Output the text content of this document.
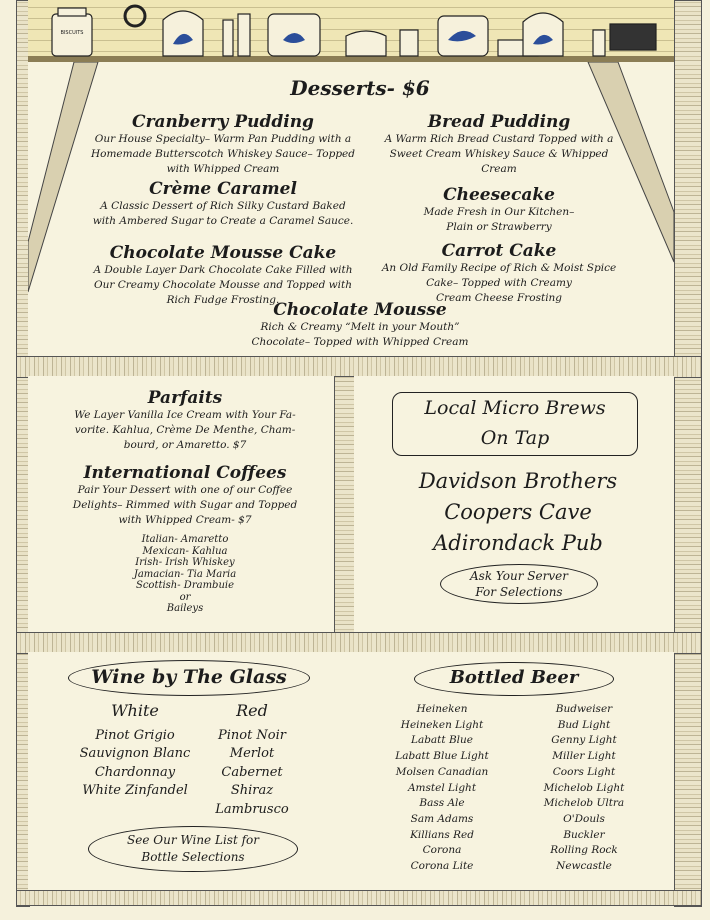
BISCUITS
Desserts- $6
Cranberry Pudding
Our House Specialty– Warm Pan Pudding with a
Homemade Butterscotch Whiskey Sauce– Topped
with Whipped Cream
Crème Caramel
A Classic Dessert of Rich Silky Custard Baked
with Ambered Sugar to Create a Caramel Sauce.
Chocolate Mousse Cake
A Double Layer Dark Chocolate Cake Filled with
Our Creamy Chocolate Mousse and Topped with
Rich Fudge Frosting.
Bread Pudding
A Warm Rich Bread Custard Topped with a
Sweet Cream Whiskey Sauce & Whipped Cream
Cheesecake
Made Fresh in Our Kitchen–
Plain or Strawberry
Carrot Cake
An Old Family Recipe of Rich & Moist Spice
Cake– Topped with Creamy
Cream Cheese Frosting
Chocolate Mousse
Rich & Creamy “Melt in your Mouth”
Chocolate– Topped with Whipped Cream
Parfaits
We Layer Vanilla Ice Cream with Your Fa-
vorite. Kahlua, Crème De Menthe, Cham-
bourd, or Amaretto. $7
International Coffees
Pair Your Dessert with one of our Coffee
Delights– Rimmed with Sugar and Topped
with Whipped Cream- $7
Italian- Amaretto
Mexican- Kahlua
Irish- Irish Whiskey
Jamacian- Tia Maria
Scottish- Drambuie
or
Baileys
Local Micro Brews
On Tap
Davidson Brothers
Coopers Cave
Adirondack Pub
Ask Your Server
For Selections
Wine by The Glass
White
Pinot Grigio
Sauvignon Blanc
Chardonnay
White Zinfandel
Red
Pinot Noir
Merlot
Cabernet
Shiraz
Lambrusco
See Our Wine List for
Bottle Selections
Bottled Beer
Heineken
Heineken Light
Labatt Blue
Labatt Blue Light
Molsen Canadian
Amstel Light
Bass Ale
Sam Adams
Killians Red
Corona
Corona Lite
Budweiser
Bud Light
Genny Light
Miller Light
Coors Light
Michelob Light
Michelob Ultra
O'Douls
Buckler
Rolling Rock
Newcastle
